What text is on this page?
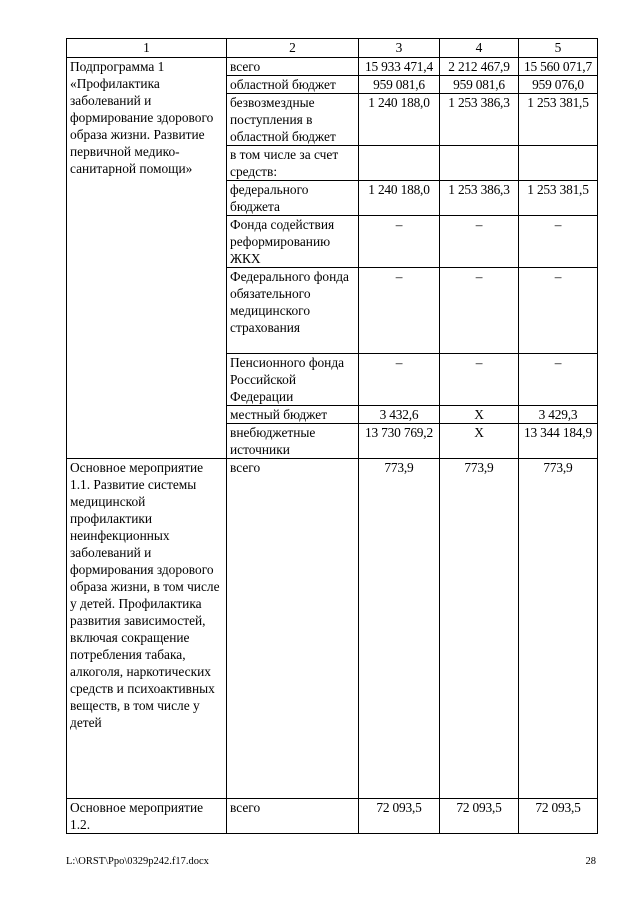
1	2	3	4	5
Подпрограмма 1 «Профилактика заболеваний и формирование здорового образа жизни. Развитие первичной медико-санитарной помощи»	всего	15 933 471,4	2 212 467,9	15 560 071,7
	областной бюджет	959 081,6	959 081,6	959 076,0
	безвозмездные поступления в областной бюджет	1 240 188,0	1 253 386,3	1 253 381,5
	в том числе за счет средств:			
	федерального бюджета	1 240 188,0	1 253 386,3	1 253 381,5
	Фонда содействия реформированию ЖКХ	–	–	–
	Федерального фонда обязательного медицинского страхования	–	–	–
	Пенсионного фонда Российской Федерации	–	–	–
	местный бюджет	3 432,6	Х	3 429,3
	внебюджетные источники	13 730 769,2	Х	13 344 184,9
Основное мероприятие 1.1. Развитие системы медицинской профилактики неинфекционных заболеваний и формирования здорового образа жизни, в том числе у детей. Профилактика развития зависимостей, включая сокращение потребления табака, алкоголя, наркотических средств и психоактивных веществ, в том числе у детей	всего	773,9	773,9	773,9
Основное мероприятие 1.2.	всего	72 093,5	72 093,5	72 093,5
L:\ORST\Ppo\0329p242.f17.docx	28
